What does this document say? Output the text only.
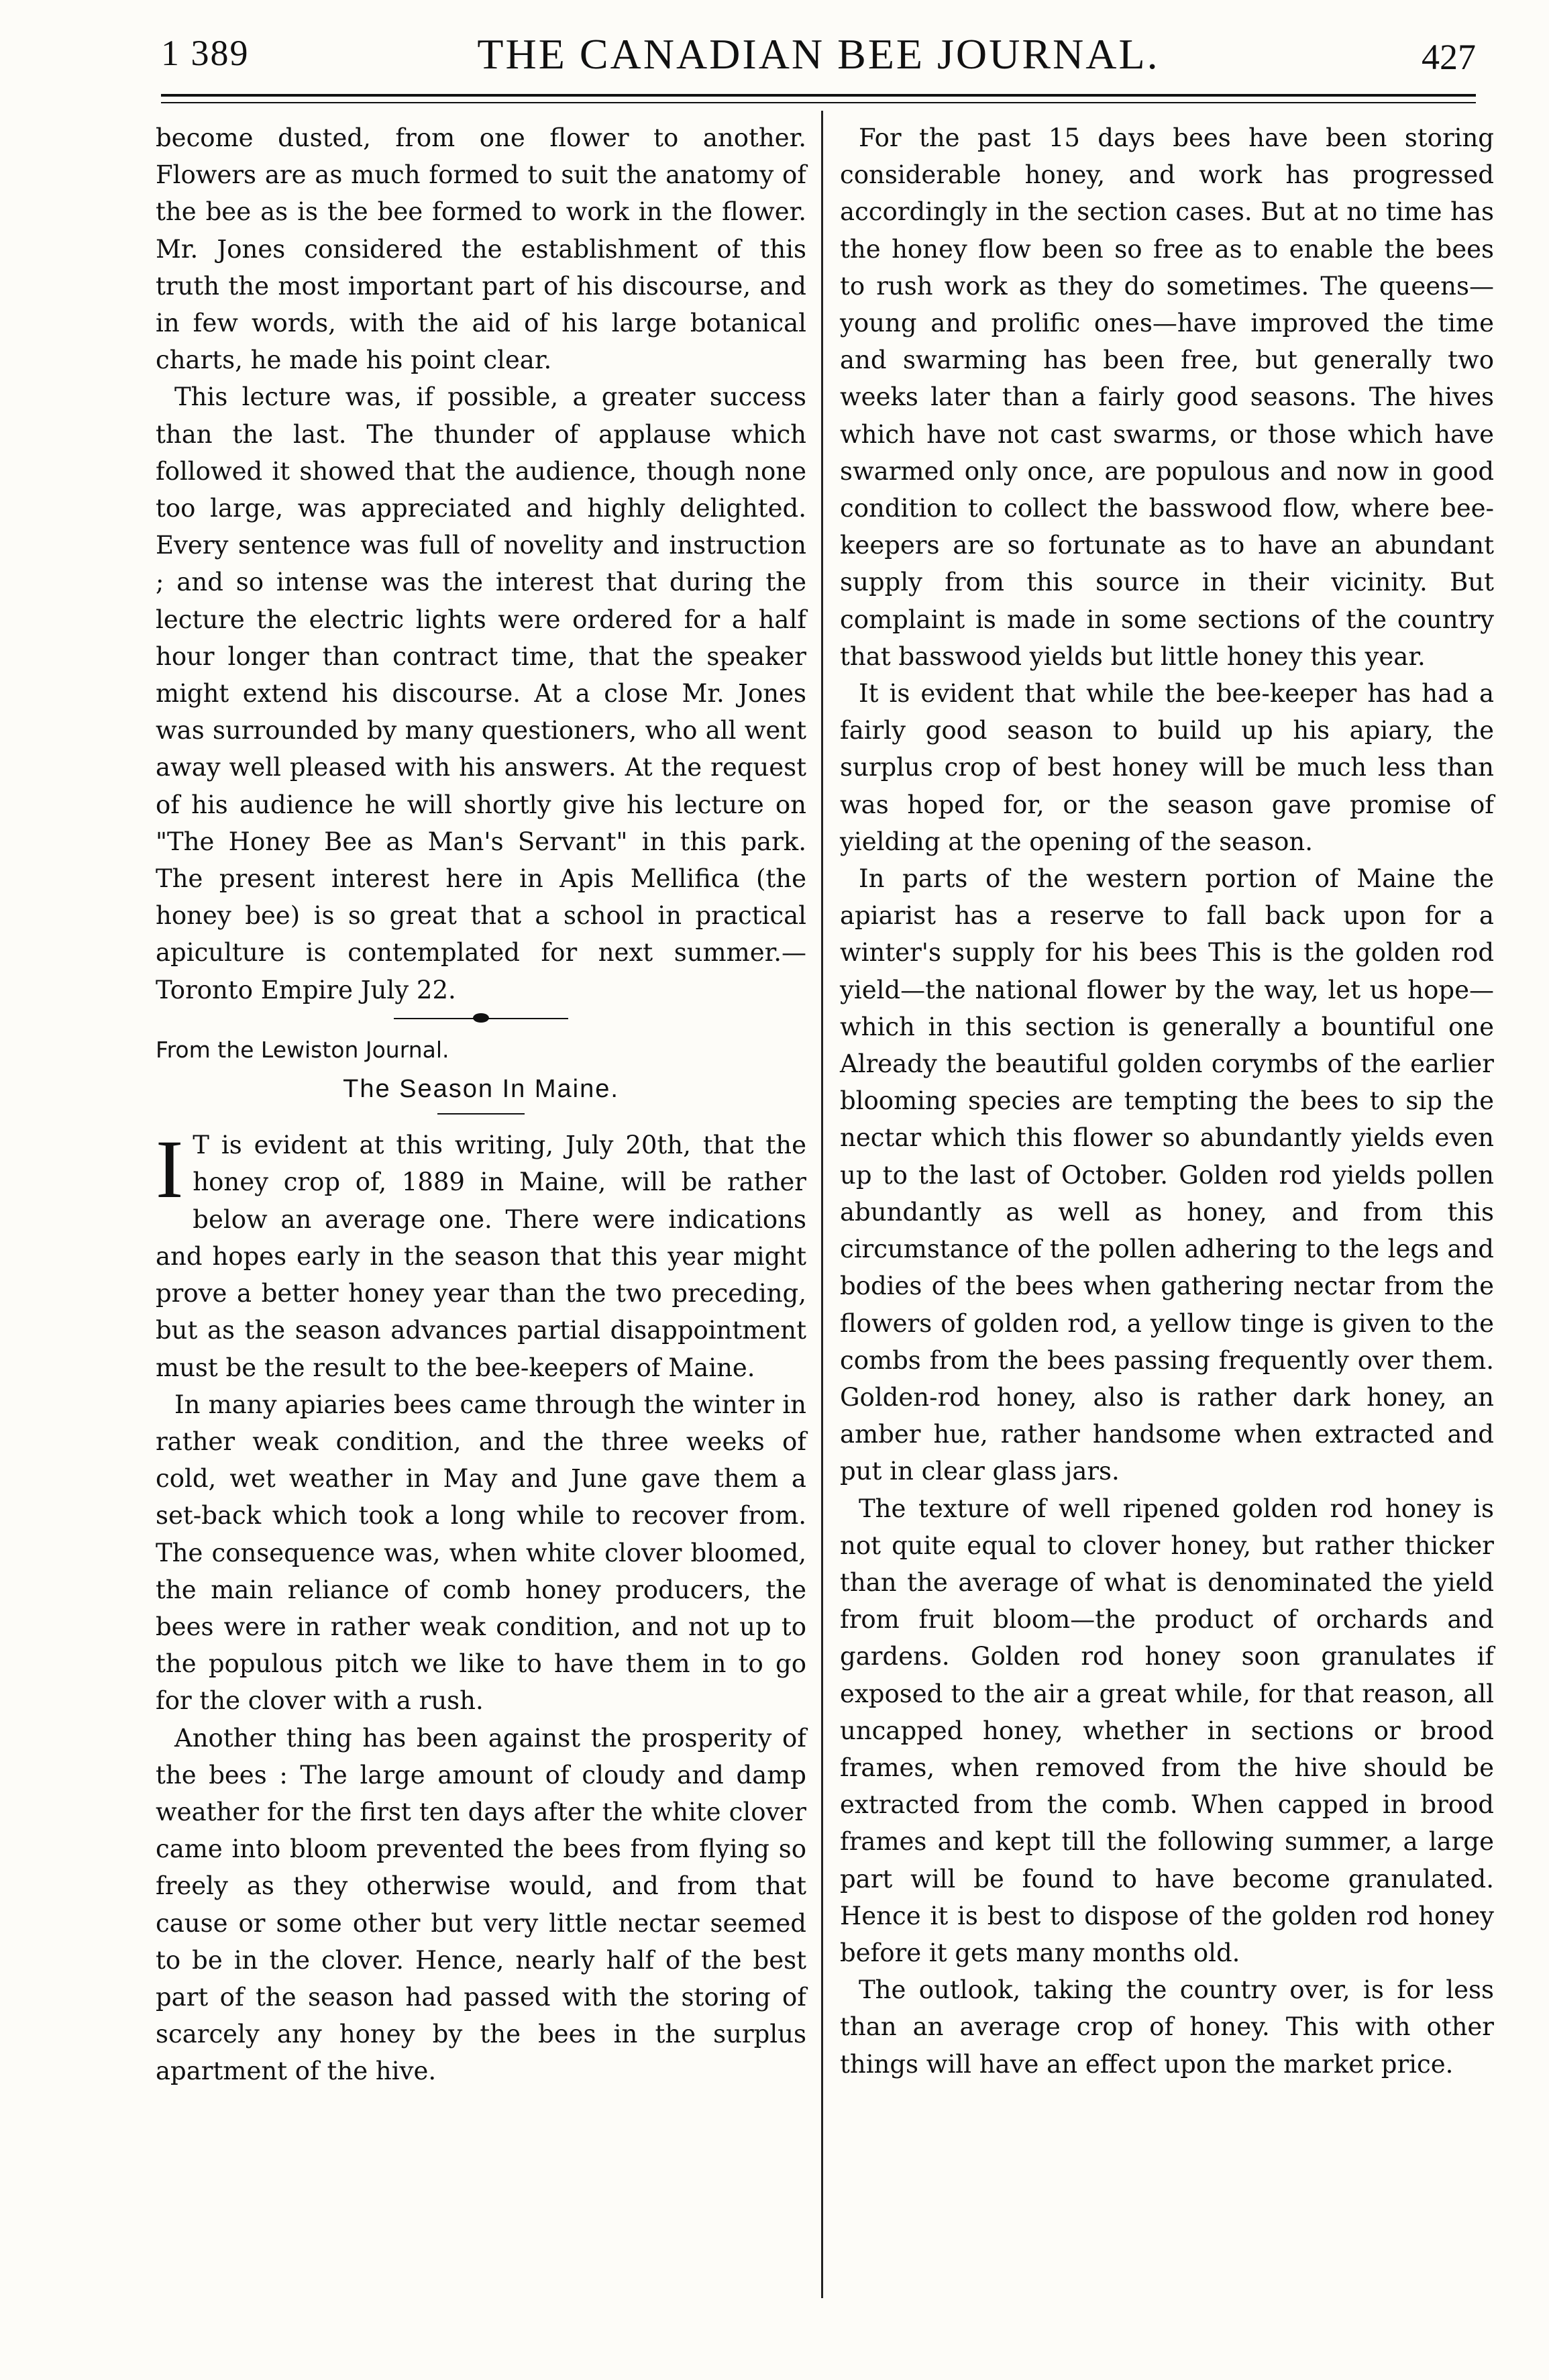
1 389	THE CANADIAN BEE JOURNAL.	427

become dusted, from one flower to another. Flowers are as much formed to suit the anatomy of the bee as is the bee formed to work in the flower. Mr. Jones considered the establishment of this truth the most important part of his discourse, and in few words, with the aid of his large botanical charts, he made his point clear.

This lecture was, if possible, a greater success than the last. The thunder of applause which followed it showed that the audience, though none too large, was appreciated and highly delighted. Every sentence was full of novelity and instruction ; and so intense was the interest that during the lecture the electric lights were ordered for a half hour longer than contract time, that the speaker might extend his discourse. At a close Mr. Jones was surrounded by many questioners, who all went away well pleased with his answers. At the request of his audience he will shortly give his lecture on "The Honey Bee as Man's Servant" in this park. The present interest here in Apis Mellifica (the honey bee) is so great that a school in practical apiculture is contemplated for next summer.—Toronto Empire July 22.

From the Lewiston Journal.
The Season In Maine.
I T is evident at this writing, July 20th, that the honey crop of, 1889 in Maine, will be rather below an average one. There were indications and hopes early in the season that this year might prove a better honey year than the two preceding, but as the season advances partial disappointment must be the result to the bee-keepers of Maine.

In many apiaries bees came through the winter in rather weak condition, and the three weeks of cold, wet weather in May and June gave them a set-back which took a long while to recover from. The consequence was, when white clover bloomed, the main reliance of comb honey producers, the bees were in rather weak condition, and not up to the populous pitch we like to have them in to go for the clover with a rush.

Another thing has been against the prosperity of the bees : The large amount of cloudy and damp weather for the first ten days after the white clover came into bloom prevented the bees from flying so freely as they otherwise would, and from that cause or some other but very little nectar seemed to be in the clover. Hence, nearly half of the best part of the season had passed with the storing of scarcely any honey by the bees in the surplus apartment of the hive.

For the past 15 days bees have been storing considerable honey, and work has progressed accordingly in the section cases. But at no time has the honey flow been so free as to enable the bees to rush work as they do sometimes. The queens—young and prolific ones—have improved the time and swarming has been free, but generally two weeks later than a fairly good seasons. The hives which have not cast swarms, or those which have swarmed only once, are populous and now in good condition to collect the basswood flow, where bee-keepers are so fortunate as to have an abundant supply from this source in their vicinity. But complaint is made in some sections of the country that basswood yields but little honey this year.

It is evident that while the bee-keeper has had a fairly good season to build up his apiary, the surplus crop of best honey will be much less than was hoped for, or the season gave promise of yielding at the opening of the season.

In parts of the western portion of Maine the apiarist has a reserve to fall back upon for a winter's supply for his bees This is the golden rod yield—the national flower by the way, let us hope—which in this section is generally a bountiful one Already the beautiful golden corymbs of the earlier blooming species are tempting the bees to sip the nectar which this flower so abundantly yields even up to the last of October. Golden rod yields pollen abundantly as well as honey, and from this circumstance of the pollen adhering to the legs and bodies of the bees when gathering nectar from the flowers of golden rod, a yellow tinge is given to the combs from the bees passing frequently over them. Golden-rod honey, also is rather dark honey, an amber hue, rather handsome when extracted and put in clear glass jars.

The texture of well ripened golden rod honey is not quite equal to clover honey, but rather thicker than the average of what is denominated the yield from fruit bloom—the product of orchards and gardens. Golden rod honey soon granulates if exposed to the air a great while, for that reason, all uncapped honey, whether in sections or brood frames, when removed from the hive should be extracted from the comb. When capped in brood frames and kept till the following summer, a large part will be found to have become granulated. Hence it is best to dispose of the golden rod honey before it gets many months old.

The outlook, taking the country over, is for less than an average crop of honey. This with other things will have an effect upon the market price.
